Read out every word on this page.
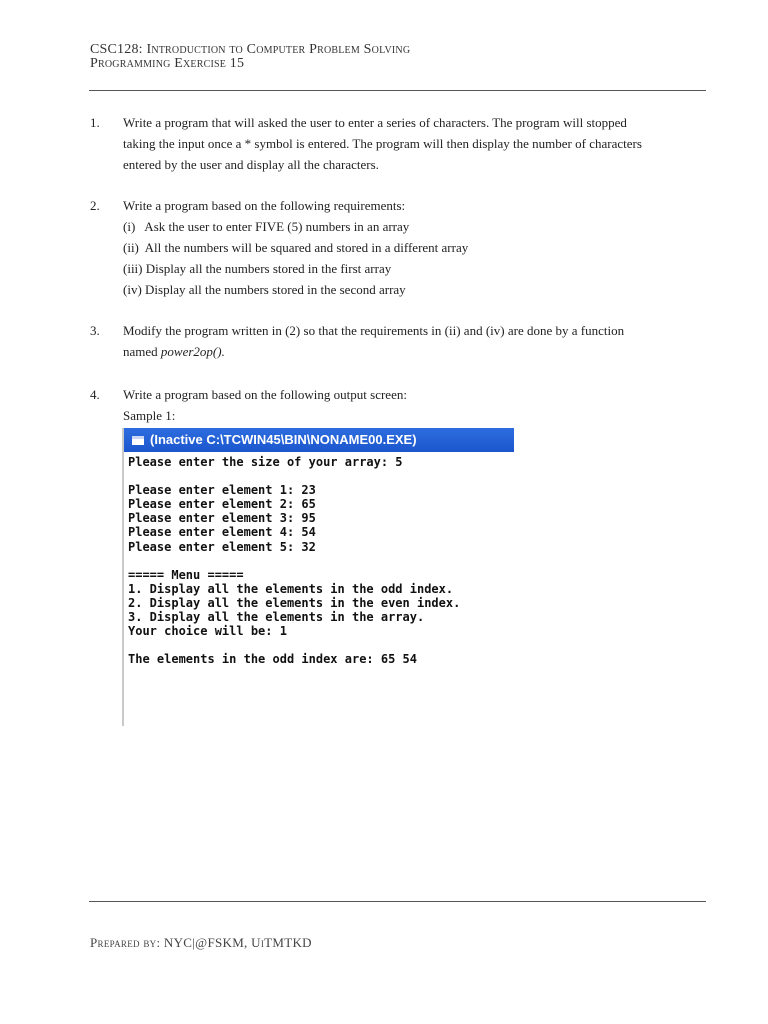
CSC128: Introduction to Computer Problem Solving
Programming Exercise 15
1.	Write a program that will asked the user to enter a series of characters. The program will stopped
taking the input once a * symbol is entered. The program will then display the number of characters
entered by the user and display all the characters.
2.	Write a program based on the following requirements:
(i)   Ask the user to enter FIVE (5) numbers in an array
(ii)  All the numbers will be squared and stored in a different array
(iii) Display all the numbers stored in the first array
(iv) Display all the numbers stored in the second array
3.	Modify the program written in (2) so that the requirements in (ii) and (iv) are done by a function
named power2op().
4.	Write a program based on the following output screen:
Sample 1:
(Inactive C:\TCWIN45\BIN\NONAME00.EXE)
Please enter the size of your array: 5
Please enter element 1: 23
Please enter element 2: 65
Please enter element 3: 95
Please enter element 4: 54
Please enter element 5: 32
===== Menu =====
1. Display all the elements in the odd index.
2. Display all the elements in the even index.
3. Display all the elements in the array.
Your choice will be: 1
The elements in the odd index are: 65 54
Prepared by: NYC|@FSKM, UiTMTKD
